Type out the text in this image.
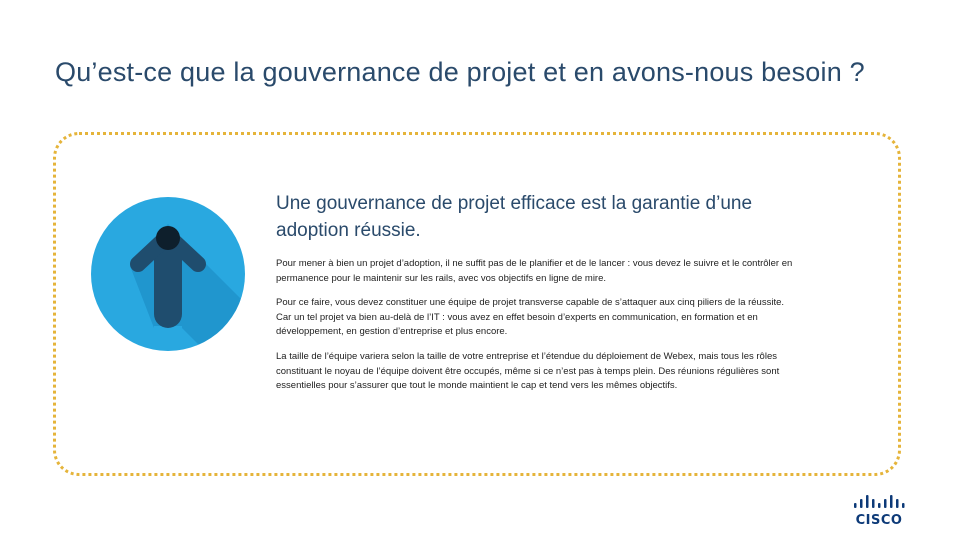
Qu’est-ce que la gouvernance de projet et en avons-nous besoin ?
Une gouvernance de projet efficace est la garantie d’une adoption réussie.

Pour mener à bien un projet d’adoption, il ne suffit pas de le planifier et de le lancer : vous devez le suivre et le contrôler en permanence pour le maintenir sur les rails, avec vos objectifs en ligne de mire.

Pour ce faire, vous devez constituer une équipe de projet transverse capable de s’attaquer aux cinq piliers de la réussite. Car un tel projet va bien au-delà de l’IT : vous avez en effet besoin d’experts en communication, en formation et en développement, en gestion d’entreprise et plus encore.

La taille de l’équipe variera selon la taille de votre entreprise et l’étendue du déploiement de Webex, mais tous les rôles constituant le noyau de l’équipe doivent être occupés, même si ce n’est pas à temps plein. Des réunions régulières sont essentielles pour s’assurer que tout le monde maintient le cap et tend vers les mêmes objectifs.

CISCO
